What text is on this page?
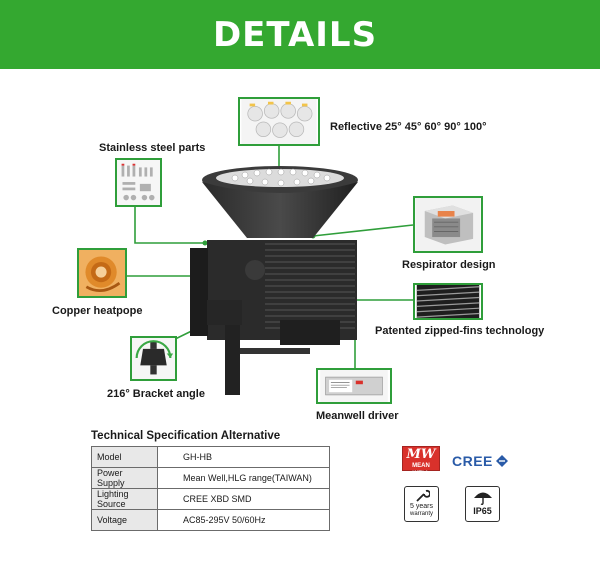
DETAILS
Reflective 25° 45° 60° 90° 100°
Stainless steel parts
Respirator design
Copper heatpope
Patented zipped-fins technology
216° Bracket angle
Meanwell driver
Technical Specification Alternative
Model	GH-HB
Power Supply	Mean Well,HLG range(TAIWAN)
Lighting Source	CREE XBD SMD
Voltage	AC85-295V 50/60Hz
MW
MEAN WELL
CREE
5 years
warranty	IP65
